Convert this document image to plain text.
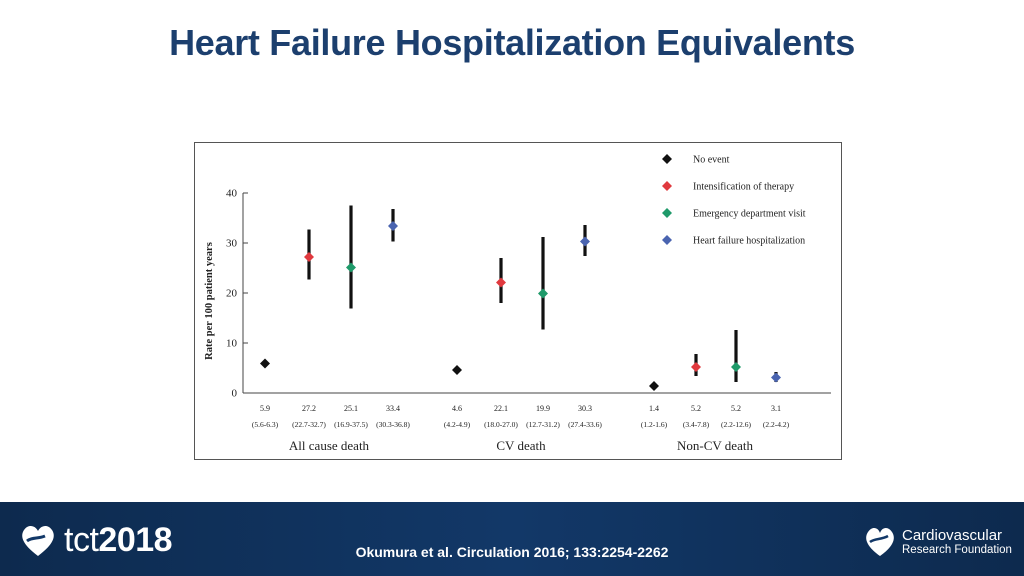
Heart Failure Hospitalization Equivalents
0
10
20
30
40
Rate per 100 patient years
No event
Intensification of therapy
Emergency department visit
Heart failure hospitalization
5.9
(5.6-6.3)
27.2
(22.7-32.7)
25.1
(16.9-37.5)
33.4
(30.3-36.8)
All cause death
4.6
(4.2-4.9)
22.1
(18.0-27.0)
19.9
(12.7-31.2)
30.3
(27.4-33.6)
CV death
1.4
(1.2-1.6)
5.2
(3.4-7.8)
5.2
(2.2-12.6)
3.1
(2.2-4.2)
Non-CV death
tct2018	Okumura et al. Circulation 2016; 133:2254-2262
Cardiovascular
Research Foundation
